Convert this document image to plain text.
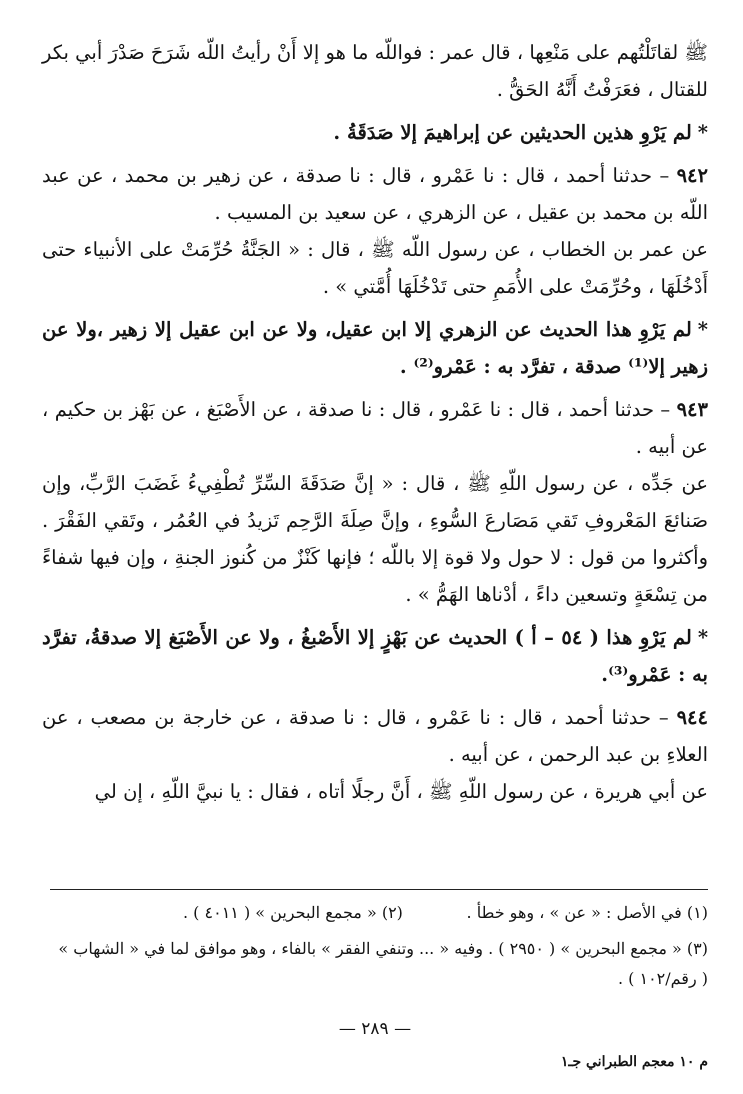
ﷺ لقاتَلْتُهم على مَنْعِها ، قال عمر : فواللّه ما هو إلا أَنْ رأيتُ اللّه شَرَحَ صَدْرَ أبي بكر للقتال ، فعَرَفْتُ أَنَّهُ الحَقُّ .

*لم يَرْوِ هذين الحديثين عن إبراهيمَ إلا صَدَقَةُ .

٩٤٢ – حدثنا أحمد ، قال : نا عَمْرو ، قال : نا صدقة ، عن زهير بن محمد ، عن عبد اللّه بن محمد بن عقيل ، عن الزهري ، عن سعيد بن المسيب .

عن عمر بن الخطاب ، عن رسول اللّه ﷺ ، قال : « الجَنَّةُ حُرِّمَتْ على الأنبياء حتى أَدْخُلَهَا ، وحُرِّمَتْ على الأُمَمِ حتى تَدْخُلَهَا أُمَّتي » .

*لم يَرْوِ هذا الحديث عن الزهري إلا ابن عقيل، ولا عن ابن عقيل إلا زهير ،ولا عن زهير إلا⁽¹⁾ صدقة ، تفرَّد به : عَمْرو⁽²⁾ .

٩٤٣ – حدثنا أحمد ، قال : نا عَمْرو ، قال : نا صدقة ، عن الأَصْبَغ ، عن بَهْز بن حكيم ، عن أبيه .

عن جَدِّه ، عن رسول اللّهِ ﷺ ، قال : « إنَّ صَدَقَةَ السِّرِّ تُطْفِيءُ غَضَبَ الرَّبِّ، وإن صَنائعَ المَعْروفِ تَقي مَصَارعَ السُّوءِ ، وإنَّ صِلَةَ الرَّحِم تَزيدُ في العُمُر ، وتَقي الفَقْرَ . وأكثروا من قول : لا حول ولا قوة إلا باللّه ؛ فإنها كَنْزٌ من كُنوز الجنةِ ، وإن فيها شفاءً من تِسْعَةٍ وتسعين داءً ، أدْناها الهَمُّ » .

*لم يَرْوِ هذا ( ٥٤ – أ ) الحديث عن بَهْزٍ إلا الأَصْبغُ ، ولا عن الأَصْبَغ إلا صدقةُ، تفرَّد به : عَمْرو⁽³⁾.

٩٤٤ – حدثنا أحمد ، قال : نا عَمْرو ، قال : نا صدقة ، عن خارجة بن مصعب ، عن العلاءِ بن عبد الرحمن ، عن أبيه .

عن أبي هريرة ، عن رسول اللّهِ ﷺ ، أَنَّ رجلًا أتاه ، فقال : يا نبيَّ اللّهِ ، إن لي

(١) في الأصل : « عن » ، وهو خطأ . (٢) « مجمع البحرين » ( ٤٠١١ ) .
(٣) « مجمع البحرين » ( ٢٩٥٠ ) . وفيه « ... وتنفي الفقر » بالفاء ، وهو موافق لما في « الشهاب » ( رقم/١٠٢ ) .
— ٢٨٩ —
م ١٠ معجم الطبراني جـ١
